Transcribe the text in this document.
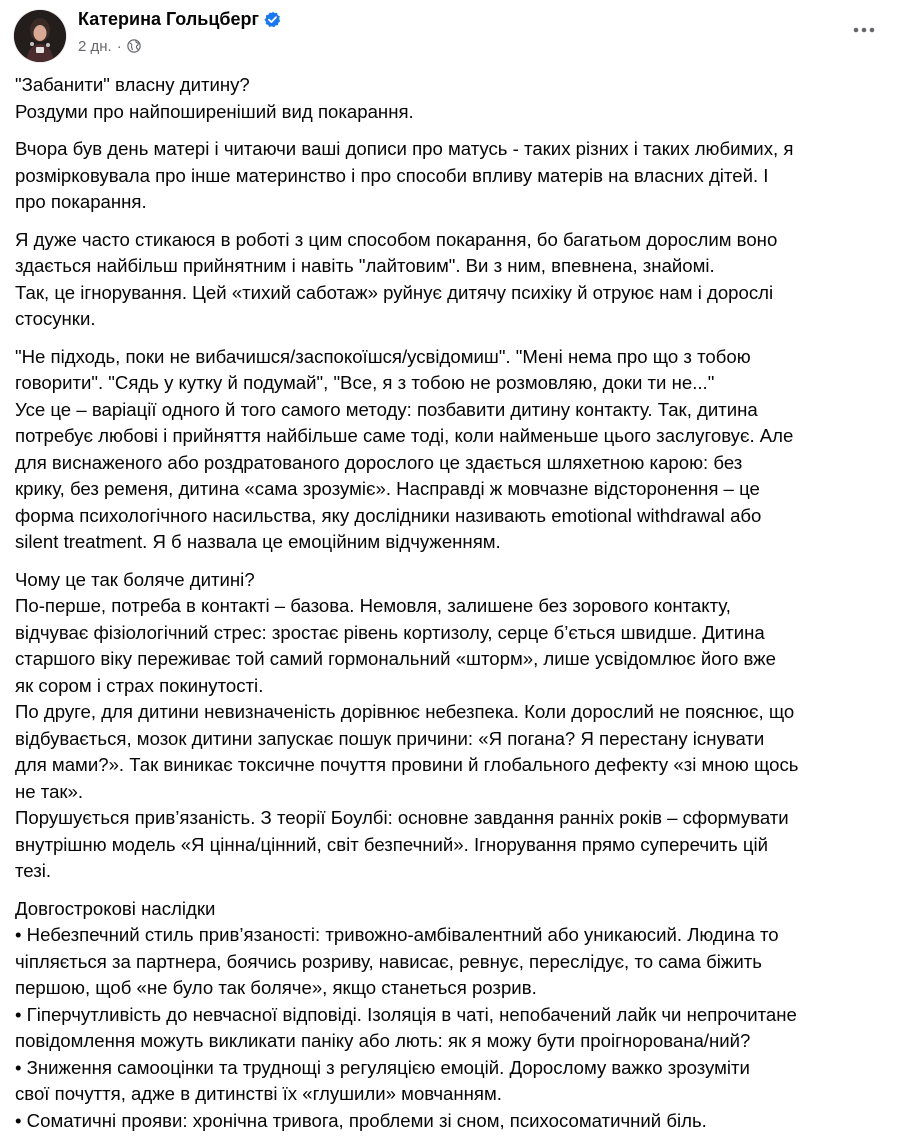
Катерина Гольцберг
2 дн. ·
"Забанити" власну дитину?
Роздуми про найпоширеніший вид покарання.
Вчора був день матері і читаючи ваші дописи про матусь - таких різних і таких любимих, я
розмірковувала про інше материнство і про способи впливу матерів на власних дітей. І
про покарання.
Я дуже часто стикаюся в роботі з цим способом покарання, бо багатьом дорослим воно
здається найбільш прийнятним і навіть "лайтовим". Ви з ним, впевнена, знайомі.
Так, це ігнорування. Цей «тихий саботаж» руйнує дитячу психіку й отруює нам і дорослі
стосунки.
"Не підходь, поки не вибачишся/заспокоїшся/усвідомиш". "Мені нема про що з тобою
говорити". "Сядь у кутку й подумай", "Все, я з тобою не розмовляю, доки ти не..."
Усе це – варіації одного й того самого методу: позбавити дитину контакту. Так, дитина
потребує любові і прийняття найбільше саме тоді, коли найменьше цього заслуговує. Але
для виснаженого або роздратованого дорослого це здається шляхетною карою: без
крику, без ременя, дитина «сама зрозуміє». Насправді ж мовчазне відсторонення – це
форма психологічного насильства, яку дослідники називають emotional withdrawal або
silent treatment. Я б назвала це емоційним відчуженням.
Чому це так боляче дитині?
По-перше, потреба в контакті – базова. Немовля, залишене без зорового контакту,
відчуває фізіологічний стрес: зростає рівень кортизолу, серце б’ється швидше. Дитина
старшого віку переживає той самий гормональний «шторм», лише усвідомлює його вже
як сором і страх покинутості.
По друге, для дитини невизначеність дорівнює небезпека. Коли дорослий не пояснює, що
відбувається, мозок дитини запускає пошук причини: «Я погана? Я перестану існувати
для мами?». Так виникає токсичне почуття провини й глобального дефекту «зі мною щось
не так».
Порушується прив’язаність. З теорії Боулбі: основне завдання ранніх років – сформувати
внутрішню модель «Я цінна/цінний, світ безпечний». Ігнорування прямо суперечить цій
тезі.
Довгострокові наслідки
• Небезпечний стиль прив’язаності: тривожно-амбівалентний або уникаюсий. Людина то
чіпляється за партнера, боячись розриву, нависає, ревнує, переслідує, то сама біжить
першою, щоб «не було так боляче», якщо станеться розрив.
• Гіперчутливість до невчасної відповіді. Ізоляція в чаті, непобачений лайк чи непрочитане
повідомлення можуть викликати паніку або лють: як я можу бути проігнорована/ний?
• Зниження самооцінки та труднощі з регуляцією емоцій. Дорослому важко зрозуміти
свої почуття, адже в дитинстві їх «глушили» мовчанням.
• Соматичні прояви: хронічна тривога, проблеми зі сном, психосоматичний біль.
